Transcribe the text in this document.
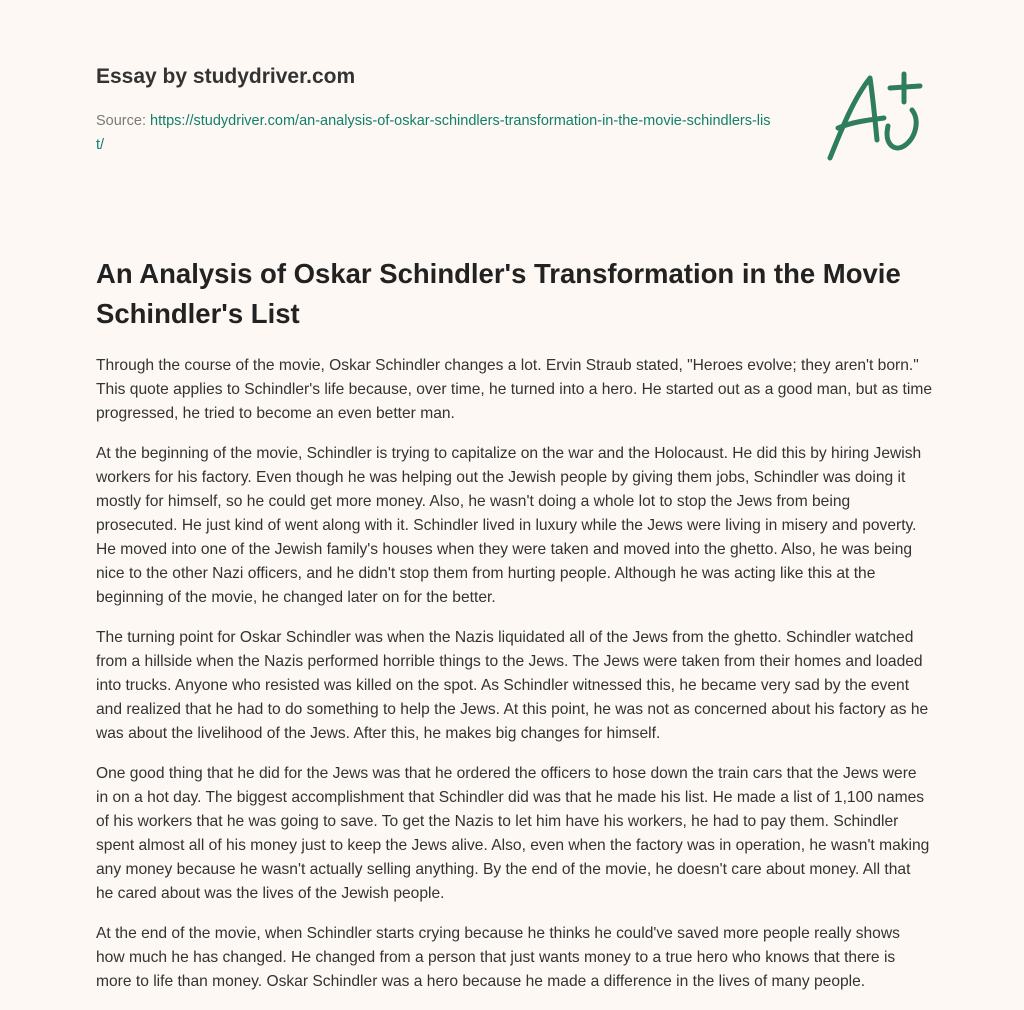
Essay by studydriver.com
Source: https://studydriver.com/an-analysis-of-oskar-schindlers-transformation-in-the-movie-schindlers-list/
An Analysis of Oskar Schindler's Transformation in the Movie Schindler's List

Through the course of the movie, Oskar Schindler changes a lot. Ervin Straub stated, "Heroes evolve; they aren't born." This quote applies to Schindler's life because, over time, he turned into a hero. He started out as a good man, but as time progressed, he tried to become an even better man.

At the beginning of the movie, Schindler is trying to capitalize on the war and the Holocaust. He did this by hiring Jewish workers for his factory. Even though he was helping out the Jewish people by giving them jobs, Schindler was doing it mostly for himself, so he could get more money. Also, he wasn't doing a whole lot to stop the Jews from being prosecuted. He just kind of went along with it. Schindler lived in luxury while the Jews were living in misery and poverty. He moved into one of the Jewish family's houses when they were taken and moved into the ghetto. Also, he was being nice to the other Nazi officers, and he didn't stop them from hurting people. Although he was acting like this at the beginning of the movie, he changed later on for the better.

The turning point for Oskar Schindler was when the Nazis liquidated all of the Jews from the ghetto. Schindler watched from a hillside when the Nazis performed horrible things to the Jews. The Jews were taken from their homes and loaded into trucks. Anyone who resisted was killed on the spot. As Schindler witnessed this, he became very sad by the event and realized that he had to do something to help the Jews. At this point, he was not as concerned about his factory as he was about the livelihood of the Jews. After this, he makes big changes for himself.

One good thing that he did for the Jews was that he ordered the officers to hose down the train cars that the Jews were in on a hot day. The biggest accomplishment that Schindler did was that he made his list. He made a list of 1,100 names of his workers that he was going to save. To get the Nazis to let him have his workers, he had to pay them. Schindler spent almost all of his money just to keep the Jews alive. Also, even when the factory was in operation, he wasn't making any money because he wasn't actually selling anything. By the end of the movie, he doesn't care about money. All that he cared about was the lives of the Jewish people.

At the end of the movie, when Schindler starts crying because he thinks he could've saved more people really shows how much he has changed. He changed from a person that just wants money to a true hero who knows that there is more to life than money. Oskar Schindler was a hero because he made a difference in the lives of many people.
